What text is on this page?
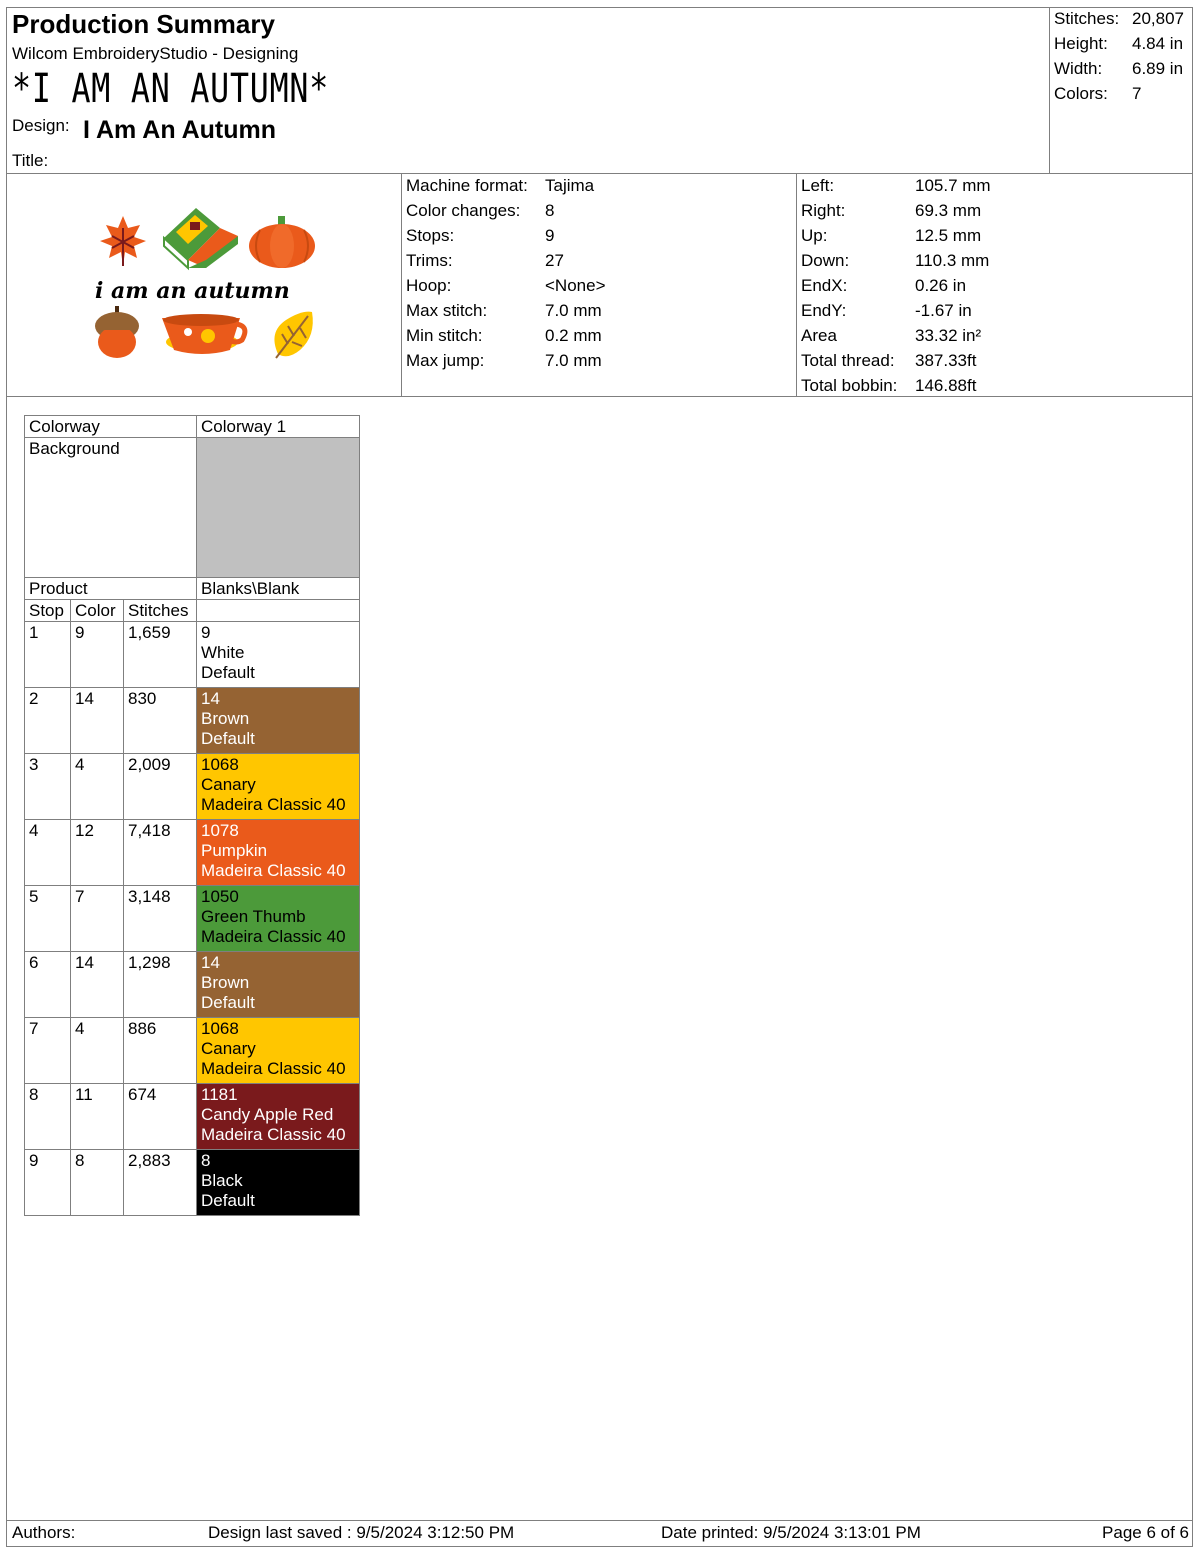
Production Summary
Wilcom EmbroideryStudio - Designing
*I AM AN AUTUMN*
Design: I Am An Autumn
Title:
Stitches: 20,807
Height: 4.84 in
Width: 6.89 in
Colors: 7
i am an autumn
Machine format: Tajima
Color changes: 8
Stops:	9
Trims:	27
Hoop:	<None>
Max stitch:	7.0 mm
Min stitch:	0.2 mm
Max jump:	7.0 mm
Left:	105.7 mm
Right:	69.3 mm
Up:	12.5 mm
Down:	110.3 mm
EndX:	0.26 in
EndY:	-1.67 in
Area	33.32 in²
Total thread: 387.33ft
Total bobbin: 146.88ft
Colorway			Colorway 1
Background			
Product			Blanks\Blank
Stop	Color	Stitches	
1	9	1,659	9
White
Default

2	14	830	14
Brown
Default

3	4	2,009	1068
Canary
Madeira Classic 40

4	12	7,418	1078
Pumpkin
Madeira Classic 40

5	7	3,148	1050
Green Thumb
Madeira Classic 40

6	14	1,298	14
Brown
Default

7	4	886	1068
Canary
Madeira Classic 40

8	11	674	1181
Candy Apple Red
Madeira Classic 40

9	8	2,883	8
Black
Default
Authors:	Design last saved : 9/5/2024 3:12:50 PM	Date printed: 9/5/2024 3:13:01 PM	Page 6 of 6
